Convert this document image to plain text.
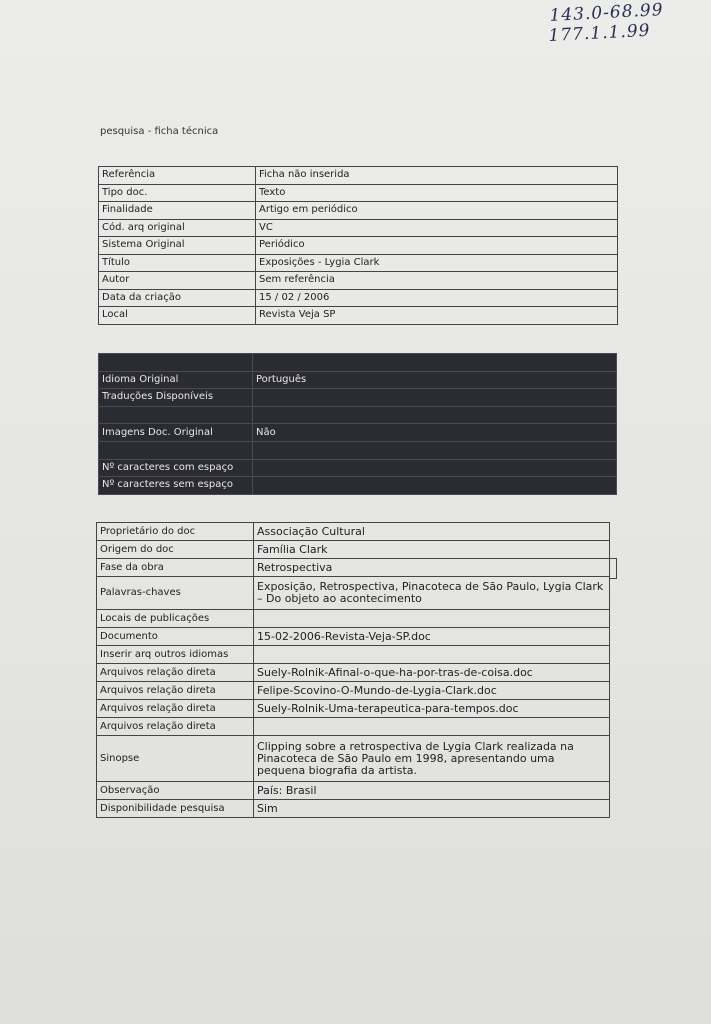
143.0-68.99
177.1.1.99
pesquisa - ficha técnica
Referência	Ficha não inserida
Tipo doc.	Texto
Finalidade	Artigo em periódico
Cód. arq original	VC
Sistema Original	Periódico
Título	Exposições - Lygia Clark
Autor	Sem referência
Data da criação	15 / 02 / 2006
Local	Revista Veja SP

Idioma Original	Português
Traduções Disponíveis	

Imagens Doc. Original	Não

Nº caracteres com espaço	
Nº caracteres sem espaço	
Proprietário do doc	Associação Cultural
Origem do doc	Família Clark
Fase da obra	Retrospectiva
Palavras-chaves	Exposição, Retrospectiva, Pinacoteca de São Paulo, Lygia Clark – Do objeto ao acontecimento
Locais de publicações	
Documento	15-02-2006-Revista-Veja-SP.doc
Inserir arq outros idiomas	
Arquivos relação direta	Suely-Rolnik-Afinal-o-que-ha-por-tras-de-coisa.doc
Arquivos relação direta	Felipe-Scovino-O-Mundo-de-Lygia-Clark.doc
Arquivos relação direta	Suely-Rolnik-Uma-terapeutica-para-tempos.doc
Arquivos relação direta	
Sinopse	Clipping sobre a retrospectiva de Lygia Clark realizada na Pinacoteca de São Paulo em 1998, apresentando uma pequena biografia da artista.
Observação	País: Brasil
Disponibilidade pesquisa	Sim
